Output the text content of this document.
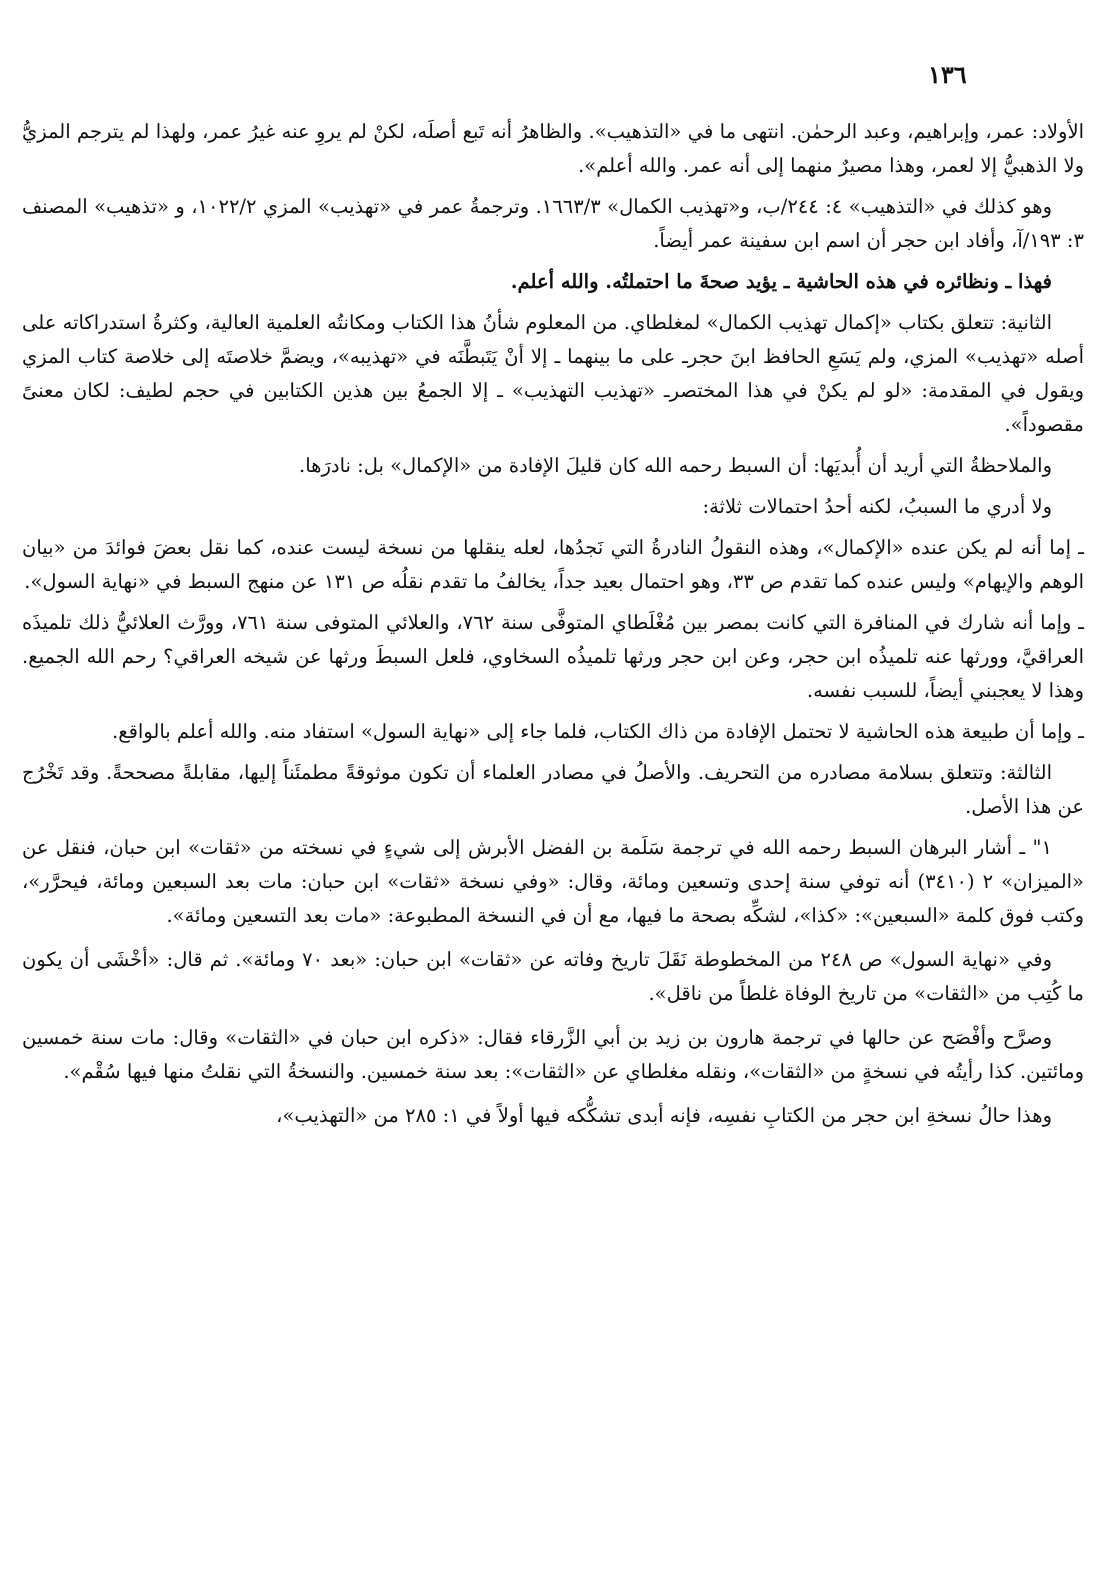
١٣٦

الأولاد: عمر، وإبراهيم، وعبد الرحمٰن. انتهى ما في «التذهيب». والظاهرُ أنه تَبع أصلَه، لكنْ لم يروِ عنه غيرُ عمر، ولهذا لم يترجم المزيُّ ولا الذهبيُّ إلا لعمر، وهذا مصيرٌ منهما إلى أنه عمر. والله أعلم».

وهو كذلك في «التذهيب» ٤: ٢٤٤/ب، و«تهذيب الكمال» ١٦٦٣/٣. وترجمةُ عمر في «تهذيب» المزي ١٠٢٢/٢، و «تذهيب» المصنف ٣: ١٩٣/آ، وأفاد ابن حجر أن اسم ابن سفينة عمر أيضاً.

فهذا ـ ونظائره في هذه الحاشية ـ يؤيد صحةَ ما احتملتُه. والله أعلم.

الثانية: تتعلق بكتاب «إكمال تهذيب الكمال» لمغلطاي. من المعلوم شأنُ هذا الكتاب ومكانتُه العلمية العالية، وكثرةُ استدراكاته على أصله «تهذيب» المزي، ولم يَسَعِ الحافظ ابنَ حجرـ على ما بينهما ـ إلا أنْ يَتَبطَّنَه في «تهذيبه»، ويضمَّ خلاصتَه إلى خلاصة كتاب المزي ويقول في المقدمة: «لو لم يكنْ في هذا المختصرـ «تهذيب التهذيب» ـ إلا الجمعُ بين هذين الكتابين في حجم لطيف: لكان معنىً مقصوداً».

والملاحظةُ التي أريد أن أُبديَها: أن السبط رحمه الله كان قليلَ الإفادة من «الإكمال» بل: نادرَها.

ولا أدري ما السببُ، لكنه أحدُ احتمالات ثلاثة:

ـ إما أنه لم يكن عنده «الإكمال»، وهذه النقولُ النادرةُ التي نَجدُها، لعله ينقلها من نسخة ليست عنده، كما نقل بعضَ فوائدَ من «بيان الوهم والإيهام» وليس عنده كما تقدم ص ٣٣، وهو احتمال بعيد جداً، يخالفُ ما تقدم نقلُه ص ١٣١ عن منهج السبط في «نهاية السول».

ـ وإما أنه شارك في المنافرة التي كانت بمصر بين مُغْلَطاي المتوفَّى سنة ٧٦٢، والعلائي المتوفى سنة ٧٦١، وورَّث العلائيُّ ذلك تلميذَه العراقيَّ، وورثها عنه تلميذُه ابن حجر، وعن ابن حجر ورثها تلميذُه السخاوي، فلعل السبطَ ورثها عن شيخه العراقي؟ رحم الله الجميع. وهذا لا يعجبني أيضاً، للسبب نفسه.

ـ وإما أن طبيعة هذه الحاشية لا تحتمل الإفادة من ذاك الكتاب، فلما جاء إلى «نهاية السول» استفاد منه. والله أعلم بالواقع.

الثالثة: وتتعلق بسلامة مصادره من التحريف. والأصلُ في مصادر العلماء أن تكون موثوقةً مطمئَناً إليها، مقابلةً مصححةً. وقد تَخْرُج عن هذا الأصل.

١" ـ أشار البرهان السبط رحمه الله في ترجمة سَلَمة بن الفضل الأبرش إلى شيءٍ في نسخته من «ثقات» ابن حبان، فنقل عن «الميزان» ٢ (٣٤١٠) أنه توفي سنة إحدى وتسعين ومائة، وقال: «وفي نسخة «ثقات» ابن حبان: مات بعد السبعين ومائة، فيحرَّر»، وكتب فوق كلمة «السبعين»: «كذا»، لشكِّه بصحة ما فيها، مع أن في النسخة المطبوعة: «مات بعد التسعين ومائة».

وفي «نهاية السول» ص ٢٤٨ من المخطوطة نَقَلَ تاريخ وفاته عن «ثقات» ابن حبان: «بعد ٧٠ ومائة». ثم قال: «أخْشَى أن يكون ما كُتِب من «الثقات» من تاريخ الوفاة غلطاً من ناقل».

وصرَّح وأفْصَح عن حالها في ترجمة هارون بن زيد بن أبي الزَّرقاء فقال: «ذكره ابن حبان في «الثقات» وقال: مات سنة خمسين ومائتين. كذا رأيتُه في نسخةٍ من «الثقات»، ونقله مغلطاي عن «الثقات»: بعد سنة خمسين. والنسخةُ التي نقلتُ منها فيها سُقْم».

وهذا حالُ نسخةِ ابن حجر من الكتابِ نفسِه، فإنه أبدى تشكُّكه فيها أولاً في ١: ٢٨٥ من «التهذيب»،
